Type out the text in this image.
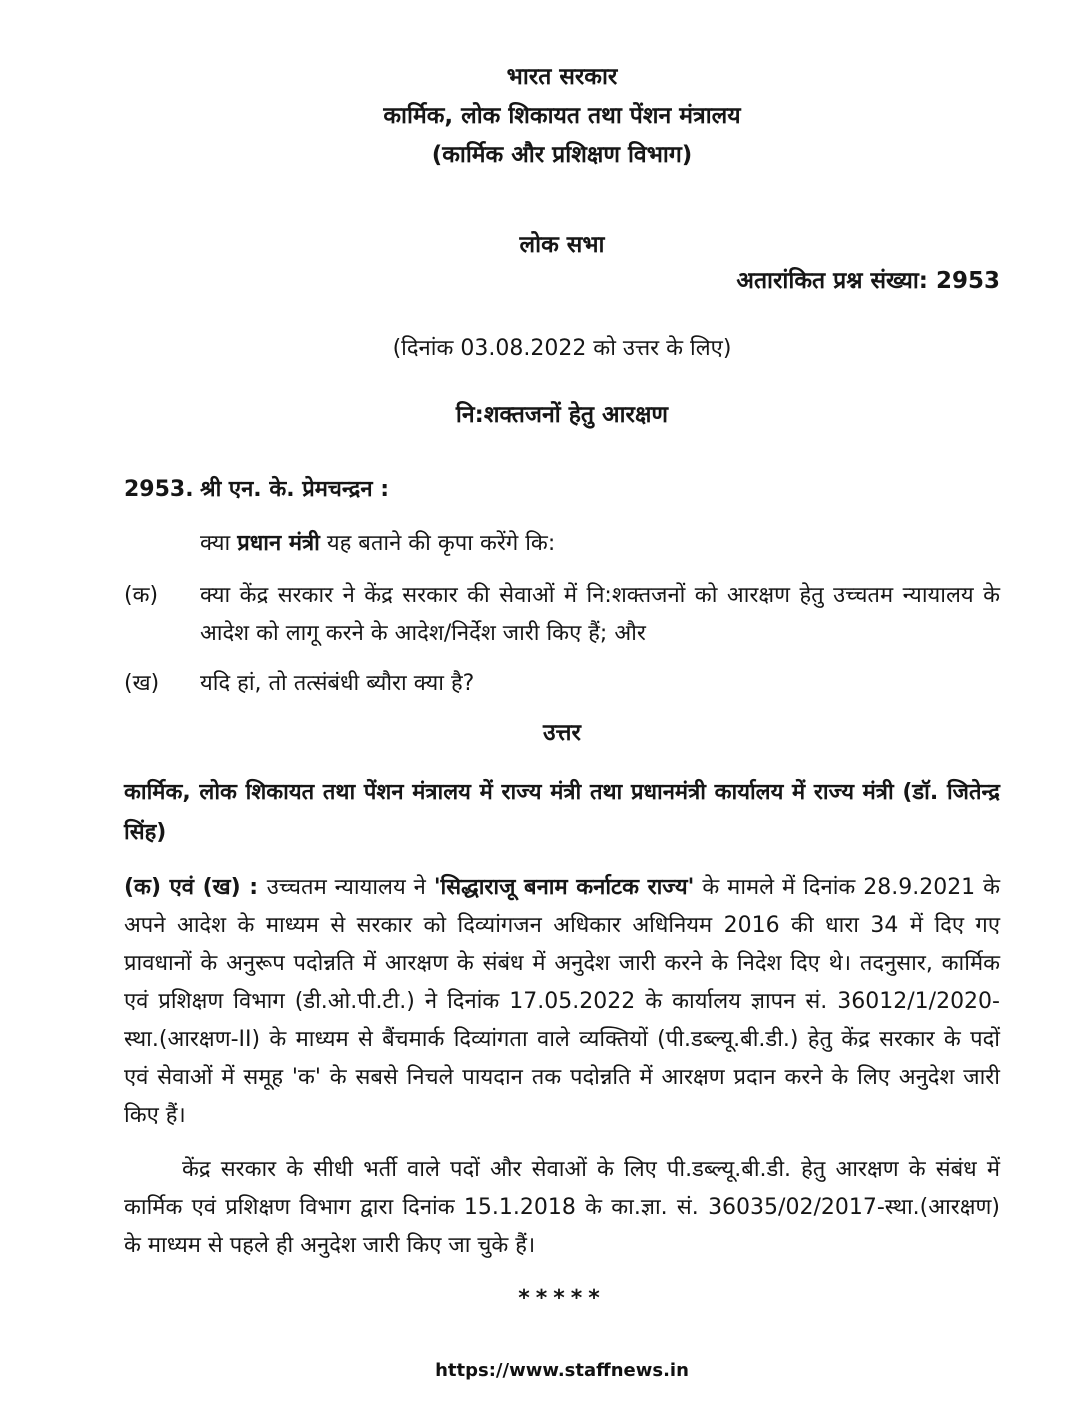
भारत सरकार
कार्मिक, लोक शिकायत तथा पेंशन मंत्रालय
(कार्मिक और प्रशिक्षण विभाग)
लोक सभा
अतारांकित प्रश्न संख्या: 2953
(दिनांक 03.08.2022 को उत्तर के लिए)
नि:शक्तजनों हेतु आरक्षण
2953. श्री एन. के. प्रेमचन्द्रन :
क्या प्रधान मंत्री यह बताने की कृपा करेंगे कि:
(क)	क्या केंद्र सरकार ने केंद्र सरकार की सेवाओं में नि:शक्तजनों को आरक्षण हेतु उच्चतम न्यायालय के आदेश को लागू करने के आदेश/निर्देश जारी किए हैं; और
(ख)	यदि हां, तो तत्संबंधी ब्यौरा क्या है?
उत्तर
कार्मिक, लोक शिकायत तथा पेंशन मंत्रालय में राज्य मंत्री तथा प्रधानमंत्री कार्यालय में राज्य मंत्री (डॉ. जितेन्द्र सिंह)
(क) एवं (ख) : उच्चतम न्यायालय ने 'सिद्धाराजू बनाम कर्नाटक राज्य' के मामले में दिनांक 28.9.2021 के अपने आदेश के माध्यम से सरकार को दिव्यांगजन अधिकार अधिनियम 2016 की धारा 34 में दिए गए प्रावधानों के अनुरूप पदोन्नति में आरक्षण के संबंध में अनुदेश जारी करने के निदेश दिए थे। तदनुसार, कार्मिक एवं प्रशिक्षण विभाग (डी.ओ.पी.टी.) ने दिनांक 17.05.2022 के कार्यालय ज्ञापन सं. 36012/1/2020-स्था.(आरक्षण-II) के माध्यम से बैंचमार्क दिव्यांगता वाले व्यक्तियों (पी.डब्ल्यू.बी.डी.) हेतु केंद्र सरकार के पदों एवं सेवाओं में समूह 'क' के सबसे निचले पायदान तक पदोन्नति में आरक्षण प्रदान करने के लिए अनुदेश जारी किए हैं।
केंद्र सरकार के सीधी भर्ती वाले पदों और सेवाओं के लिए पी.डब्ल्यू.बी.डी. हेतु आरक्षण के संबंध में कार्मिक एवं प्रशिक्षण विभाग द्वारा दिनांक 15.1.2018 के का.ज्ञा. सं. 36035/02/2017-स्था.(आरक्षण) के माध्यम से पहले ही अनुदेश जारी किए जा चुके हैं।
*****
https://www.staffnews.in
